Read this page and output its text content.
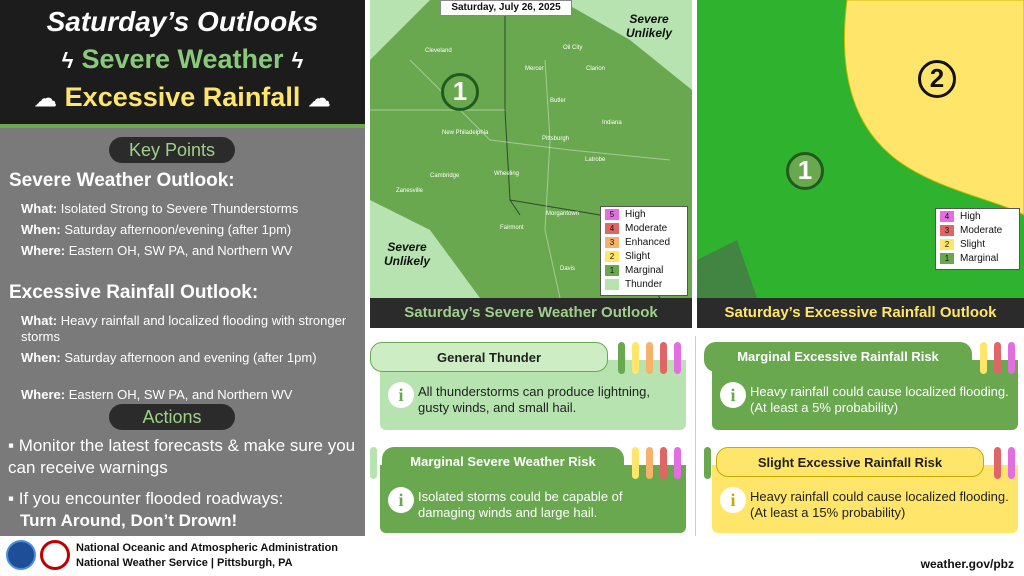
Saturday’s Outlooks
ϟ Severe Weather ϟ
☁ Excessive Rainfall ☁
Key Points
Severe Weather Outlook:
What: Isolated Strong to Severe Thunderstorms
When: Saturday afternoon/evening (after 1pm)
Where: Eastern OH, SW PA, and Northern WV
Excessive Rainfall Outlook:
What: Heavy rainfall and localized flooding with stronger storms
When: Saturday afternoon and evening (after 1pm)
Where: Eastern OH, SW PA, and Northern WV
Actions
▪ Monitor the latest forecasts & make sure you can receive warnings
▪ If you encounter flooded roadways:
Turn Around, Don’t Drown!
Cleveland	Oil City
Mercer	Clarion
Butler
Indiana
New Philadelphia
Pittsburgh
Latrobe
Cambridge	Wheeling
Zanesville
Morgantown
Fairmont
Davis
1
Severe
Unlikely
Severe
Unlikely
5 High
4 Moderate
3 Enhanced
2 Slight
1 Marginal
Thunder
Saturday, July 26, 2025
Saturday’s Severe Weather Outlook
2
1
4 High
3 Moderate
2 Slight
1 Marginal
Saturday’s Excessive Rainfall Outlook
i	All thunderstorms can produce lightning, gusty winds, and small hail.
General Thunder
i	Isolated storms could be capable of damaging winds and large hail.
Marginal Severe Weather Risk
i	Heavy rainfall could cause localized flooding. (At least a 5% probability)
Marginal Excessive Rainfall Risk
i	Heavy rainfall could cause localized flooding. (At least a 15% probability)
Slight Excessive Rainfall Risk
National Oceanic and Atmospheric Administration
National Weather Service | Pittsburgh, PA	weather.gov/pbz
